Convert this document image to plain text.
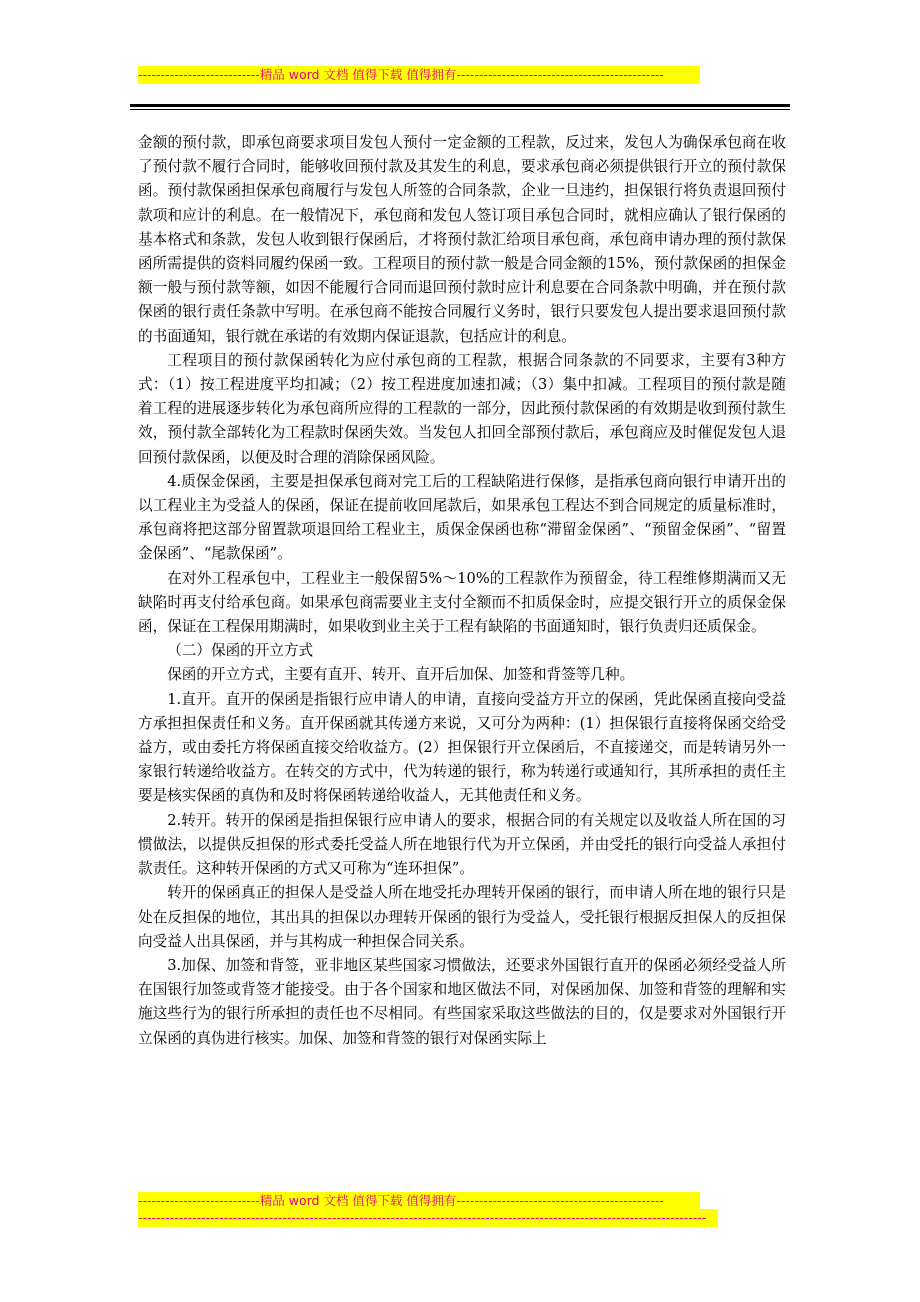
---------------------------精品 word 文档 值得下载 值得拥有----------------------------------------------

金额的预付款，即承包商要求项目发包人预付一定金额的工程款，反过来，发包人为确保承包商在收了预付款不履行合同时，能够收回预付款及其发生的利息，要求承包商必须提供银行开立的预付款保函。预付款保函担保承包商履行与发包人所签的合同条款，企业一旦违约，担保银行将负责退回预付款项和应计的利息。在一般情况下，承包商和发包人签订项目承包合同时，就相应确认了银行保函的基本格式和条款，发包人收到银行保函后，才将预付款汇给项目承包商，承包商申请办理的预付款保函所需提供的资料同履约保函一致。工程项目的预付款一般是合同金额的15%，预付款保函的担保金额一般与预付款等额，如因不能履行合同而退回预付款时应计利息要在合同条款中明确，并在预付款保函的银行责任条款中写明。在承包商不能按合同履行义务时，银行只要发包人提出要求退回预付款的书面通知，银行就在承诺的有效期内保证退款，包括应计的利息。

工程项目的预付款保函转化为应付承包商的工程款，根据合同条款的不同要求，主要有3种方式：（1）按工程进度平均扣减；（2）按工程进度加速扣减；（3）集中扣减。工程项目的预付款是随着工程的进展逐步转化为承包商所应得的工程款的一部分，因此预付款保函的有效期是收到预付款生效，预付款全部转化为工程款时保函失效。当发包人扣回全部预付款后，承包商应及时催促发包人退回预付款保函，以便及时合理的消除保函风险。

4.质保金保函，主要是担保承包商对完工后的工程缺陷进行保修，是指承包商向银行申请开出的以工程业主为受益人的保函，保证在提前收回尾款后，如果承包工程达不到合同规定的质量标准时，承包商将把这部分留置款项退回给工程业主，质保金保函也称“滞留金保函”、“预留金保函”、“留置金保函”、“尾款保函”。

在对外工程承包中，工程业主一般保留5%～10%的工程款作为预留金，待工程维修期满而又无缺陷时再支付给承包商。如果承包商需要业主支付全额而不扣质保金时，应提交银行开立的质保金保函，保证在工程保用期满时，如果收到业主关于工程有缺陷的书面通知时，银行负责归还质保金。

（二）保函的开立方式

保函的开立方式，主要有直开、转开、直开后加保、加签和背签等几种。

1.直开。直开的保函是指银行应申请人的申请，直接向受益方开立的保函，凭此保函直接向受益方承担担保责任和义务。直开保函就其传递方来说，又可分为两种：(1）担保银行直接将保函交给受益方，或由委托方将保函直接交给收益方。(2）担保银行开立保函后，不直接递交，而是转请另外一家银行转递给收益方。在转交的方式中，代为转递的银行，称为转递行或通知行，其所承担的责任主要是核实保函的真伪和及时将保函转递给收益人，无其他责任和义务。

2.转开。转开的保函是指担保银行应申请人的要求，根据合同的有关规定以及收益人所在国的习惯做法，以提供反担保的形式委托受益人所在地银行代为开立保函，并由受托的银行向受益人承担付款责任。这种转开保函的方式又可称为“连环担保”。

转开的保函真正的担保人是受益人所在地受托办理转开保函的银行，而申请人所在地的银行只是处在反担保的地位，其出具的担保以办理转开保函的银行为受益人，受托银行根据反担保人的反担保向受益人出具保函，并与其构成一种担保合同关系。

3.加保、加签和背签，亚非地区某些国家习惯做法，还要求外国银行直开的保函必须经受益人所在国银行加签或背签才能接受。由于各个国家和地区做法不同，对保函加保、加签和背签的理解和实施这些行为的银行所承担的责任也不尽相同。有些国家采取这些做法的目的，仅是要求对外国银行开立保函的真伪进行核实。加保、加签和背签的银行对保函实际上

---------------------------精品 word 文档 值得下载 值得拥有----------------------------------------------
------------------------------------------------------------------------------------------------------------------------------
